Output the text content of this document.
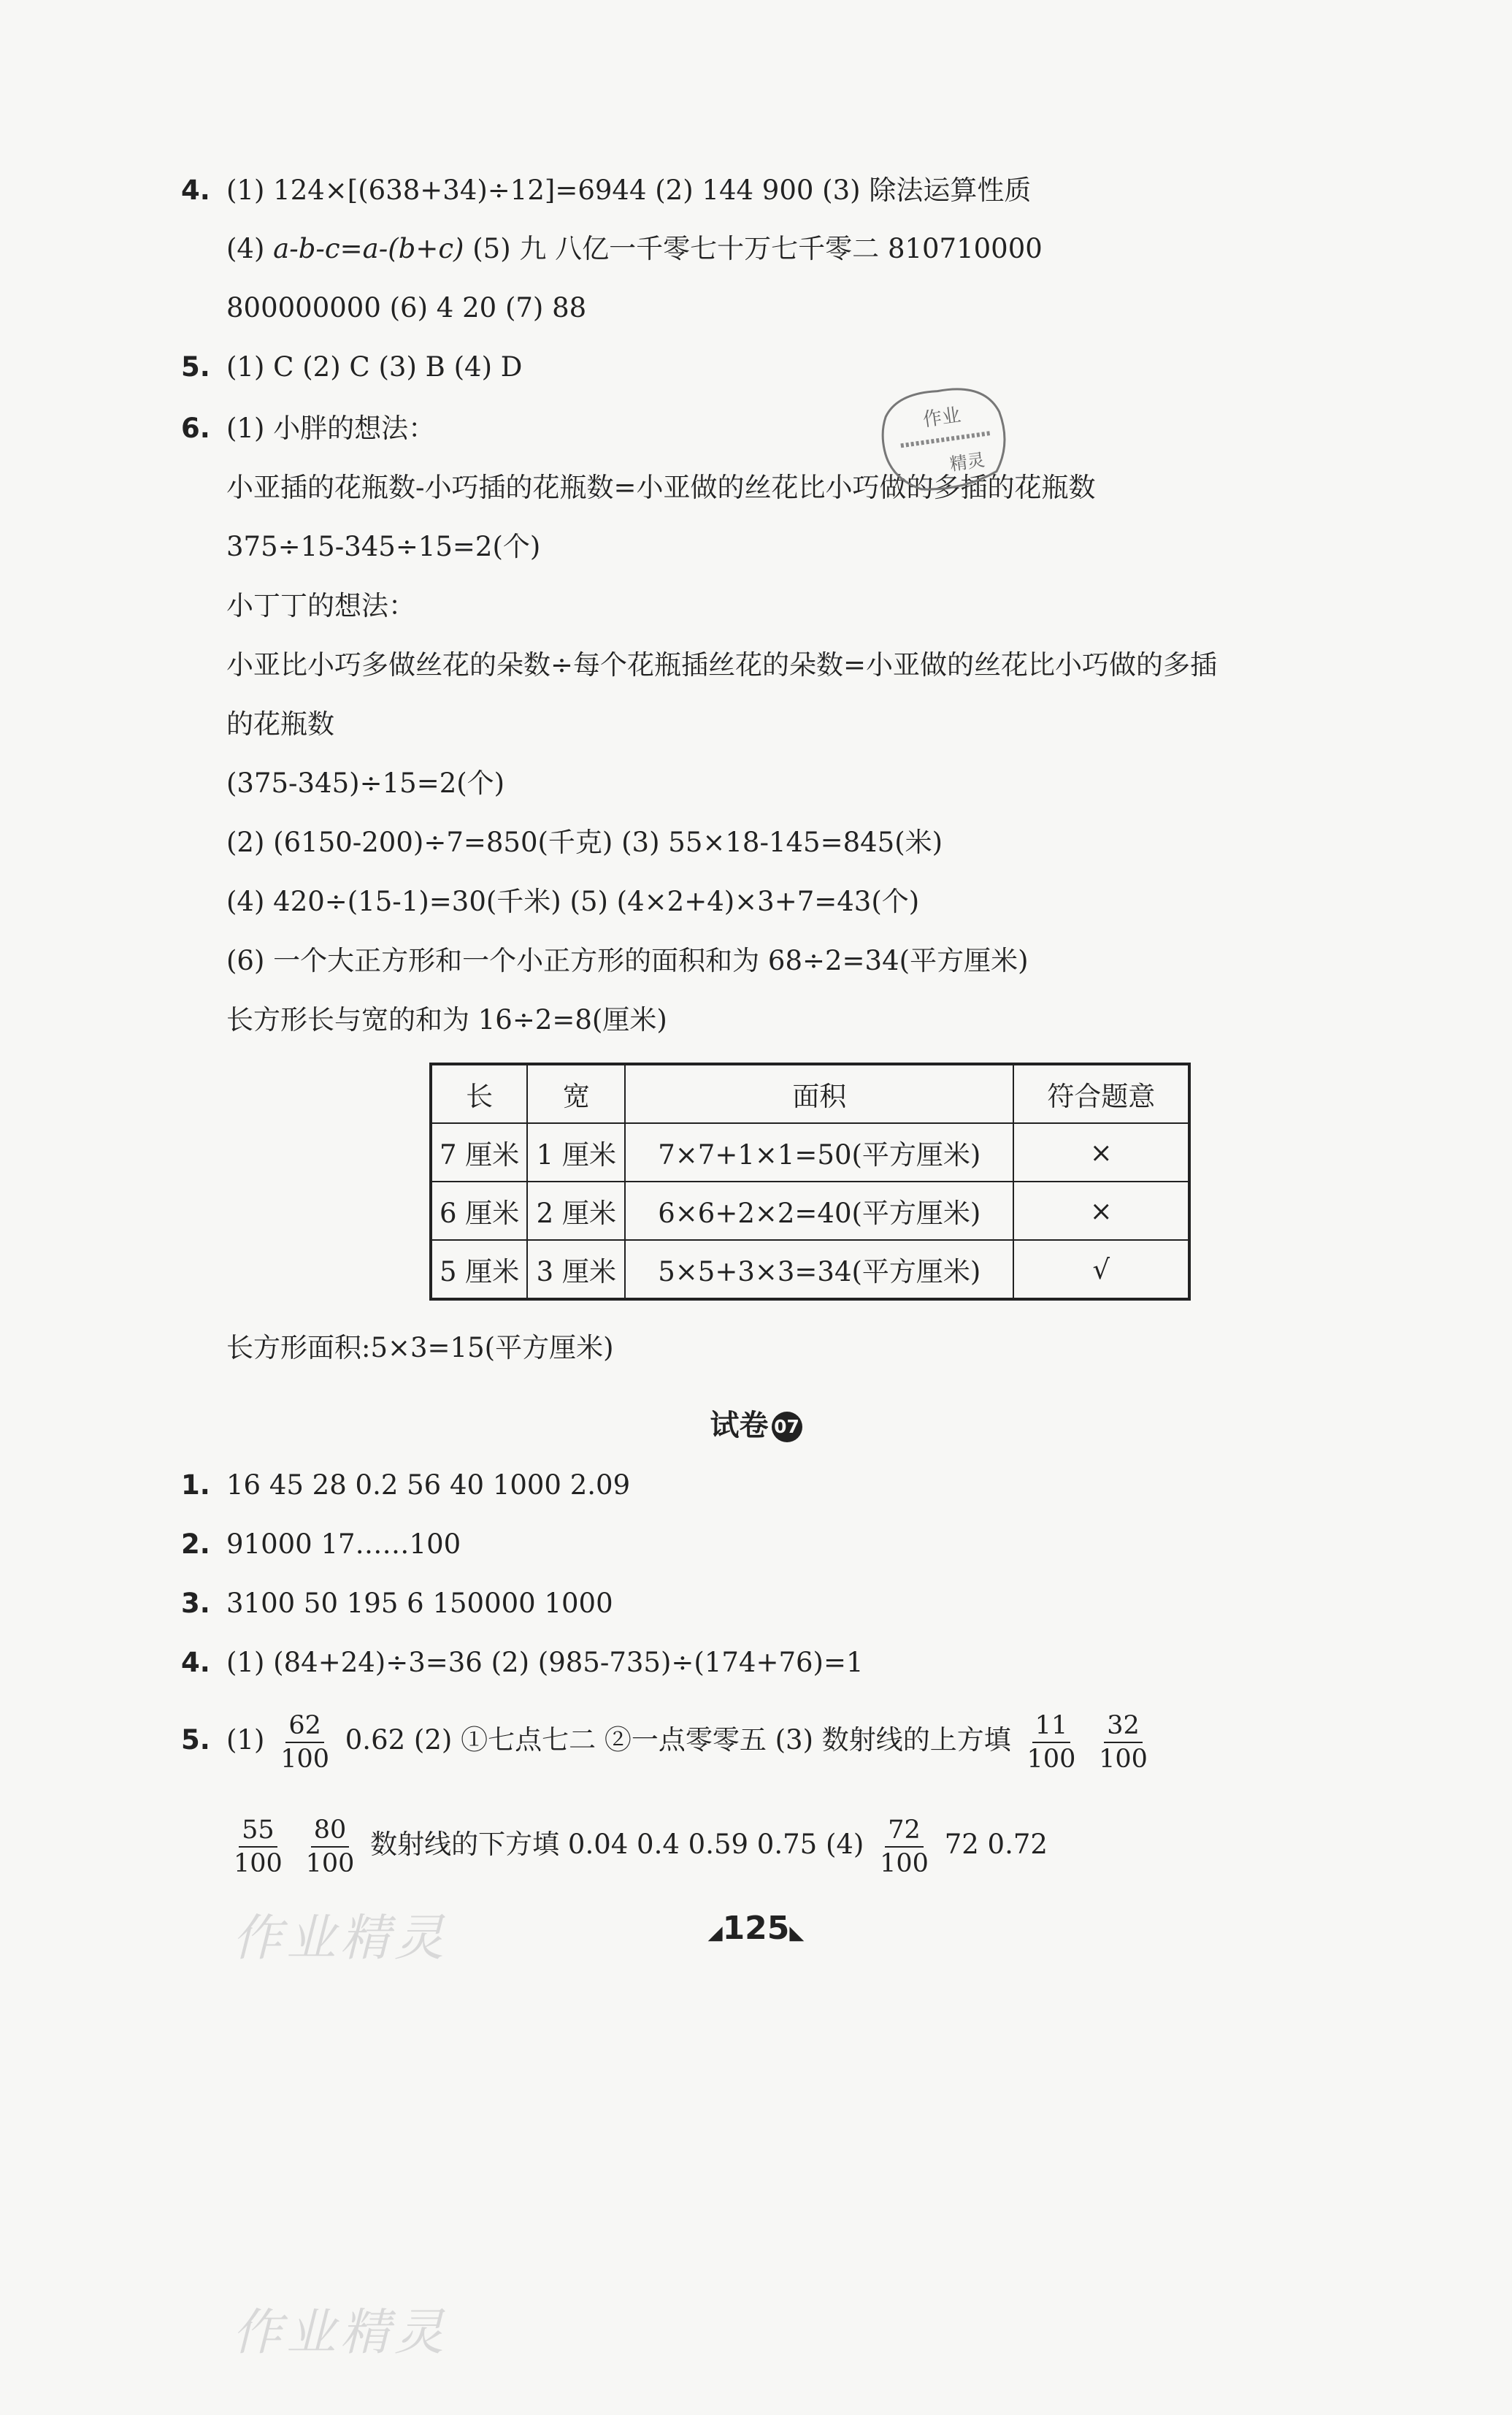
4. (1) 124×[(638+34)÷12]=6944 (2) 144 900 (3) 除法运算性质
(4) a-b-c=a-(b+c) (5) 九 八亿一千零七十万七千零二 810710000
800000000 (6) 4 20 (7) 88
5. (1) C (2) C (3) B (4) D
6. (1) 小胖的想法：
小亚插的花瓶数-小巧插的花瓶数=小亚做的丝花比小巧做的多插的花瓶数
375÷15-345÷15=2(个)
小丁丁的想法：
小亚比小巧多做丝花的朵数÷每个花瓶插丝花的朵数=小亚做的丝花比小巧做的多插
的花瓶数
(375-345)÷15=2(个)
(2) (6150-200)÷7=850(千克) (3) 55×18-145=845(米)
(4) 420÷(15-1)=30(千米) (5) (4×2+4)×3+7=43(个)
(6) 一个大正方形和一个小正方形的面积和为 68÷2=34(平方厘米)
长方形长与宽的和为 16÷2=8(厘米)
长	宽	面积	符合题意
7 厘米	1 厘米	7×7+1×1=50(平方厘米)	×
6 厘米	2 厘米	6×6+2×2=40(平方厘米)	×
5 厘米	3 厘米	5×5+3×3=34(平方厘米)	√
长方形面积:5×3=15(平方厘米)
试卷 07
1. 16 45 28 0.2 56 40 1000 2.09
2. 91000 17……100
3. 3100 50 195 6 150000 1000
4. (1) (84+24)÷3=36 (2) (985-735)÷(174+76)=1
5. $(1) \frac{62}{100} 0.62$ (2) ①七点七二 ②一点零零五 (3) 数射线的上方填 $\frac{11}{100}$
$\frac{32}{100}$
$\frac{55}{100}$
$\frac{80}{100}$ 数射线的下方填 0.04 0.4 0.59 0.75 $(4) \frac{72}{100} 72$ 0.72
◢125◣
作业
精灵
作业精灵
作业精灵
